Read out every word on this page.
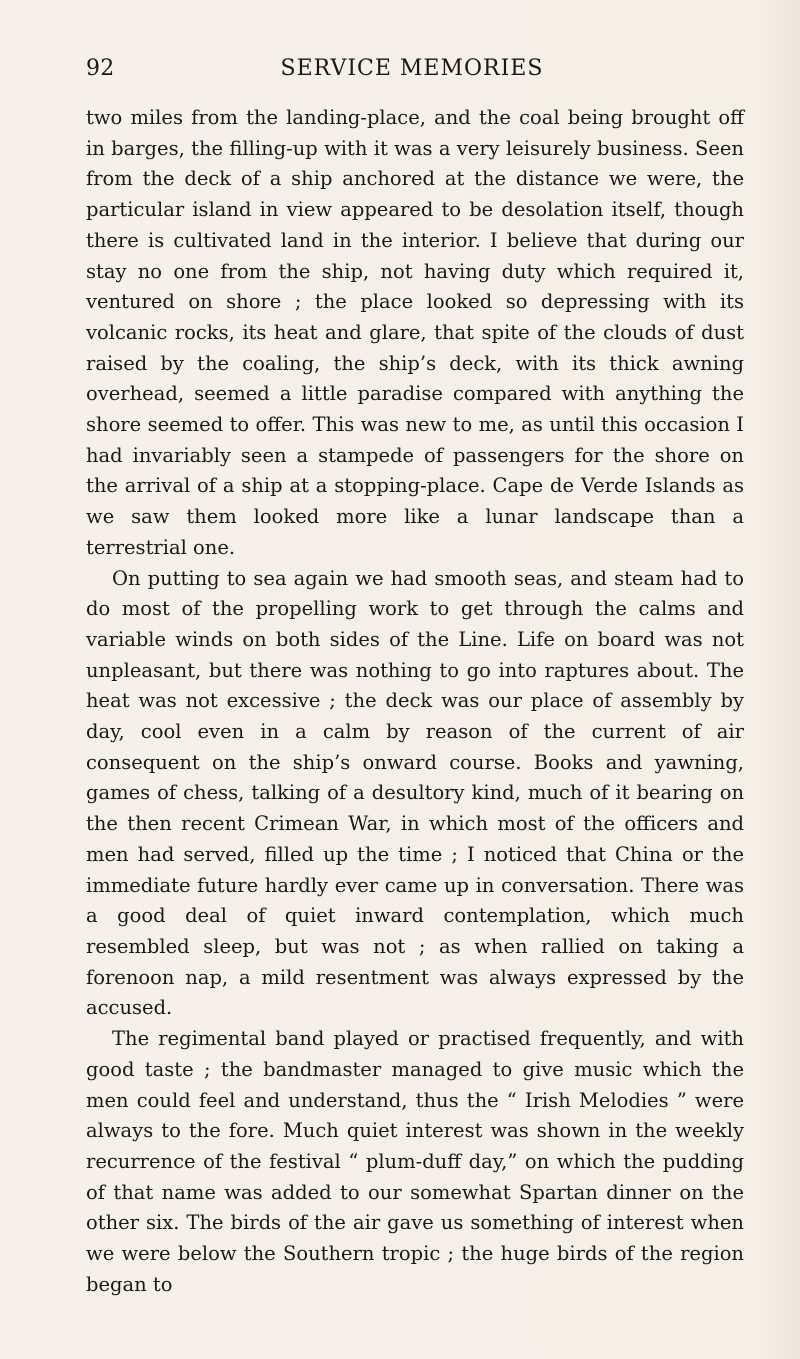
92	SERVICE MEMORIES

two miles from the landing-place, and the coal being brought off in barges, the filling-up with it was a very leisurely business. Seen from the deck of a ship anchored at the distance we were, the particular island in view appeared to be desolation itself, though there is cultivated land in the interior. I believe that during our stay no one from the ship, not having duty which required it, ventured on shore ; the place looked so depressing with its volcanic rocks, its heat and glare, that spite of the clouds of dust raised by the coaling, the ship’s deck, with its thick awning overhead, seemed a little paradise compared with anything the shore seemed to offer. This was new to me, as until this occasion I had invariably seen a stampede of passengers for the shore on the arrival of a ship at a stopping-place. Cape de Verde Islands as we saw them looked more like a lunar landscape than a terrestrial one.

On putting to sea again we had smooth seas, and steam had to do most of the propelling work to get through the calms and variable winds on both sides of the Line. Life on board was not unpleasant, but there was nothing to go into raptures about. The heat was not excessive ; the deck was our place of assembly by day, cool even in a calm by reason of the current of air consequent on the ship’s onward course. Books and yawning, games of chess, talking of a desultory kind, much of it bearing on the then recent Crimean War, in which most of the officers and men had served, filled up the time ; I noticed that China or the immediate future hardly ever came up in conversation. There was a good deal of quiet inward contemplation, which much resembled sleep, but was not ; as when rallied on taking a forenoon nap, a mild resentment was always expressed by the accused.

The regimental band played or practised frequently, and with good taste ; the bandmaster managed to give music which the men could feel and understand, thus the “ Irish Melodies ” were always to the fore. Much quiet interest was shown in the weekly recurrence of the festival “ plum-duff day,” on which the pudding of that name was added to our somewhat Spartan dinner on the other six. The birds of the air gave us something of interest when we were below the Southern tropic ; the huge birds of the region began to
